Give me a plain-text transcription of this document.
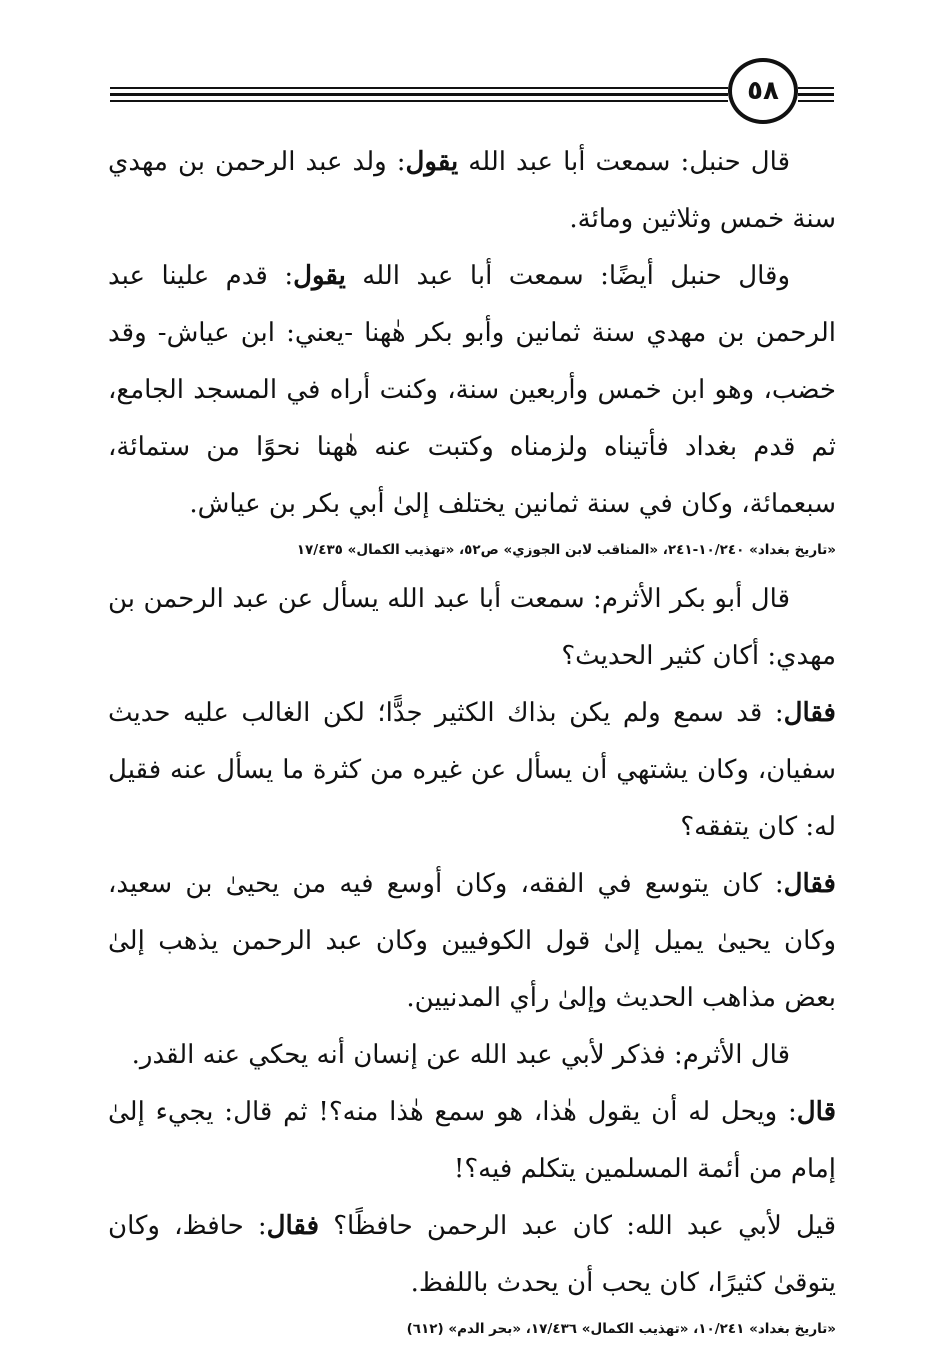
٥٨

قال حنبل: سمعت أبا عبد الله يقول: ولد عبد الرحمن بن مهدي سنة خمس وثلاثين ومائة.

وقال حنبل أيضًا: سمعت أبا عبد الله يقول: قدم علينا عبد الرحمن بن مهدي سنة ثمانين وأبو بكر هٰهنا -يعني: ابن عياش- وقد خضب، وهو ابن خمس وأربعين سنة، وكنت أراه في المسجد الجامع، ثم قدم بغداد فأتيناه ولزمناه وكتبت عنه هٰهنا نحوًا من ستمائة، سبعمائة، وكان في سنة ثمانين يختلف إلىٰ أبي بكر بن عياش.

«تاريخ بغداد» ١٠/٢٤٠-٢٤١، «المناقب لابن الجوزي» ص٥٢، «تهذيب الكمال» ١٧/٤٣٥

قال أبو بكر الأثرم: سمعت أبا عبد الله يسأل عن عبد الرحمن بن مهدي: أكان كثير الحديث؟

فقال: قد سمع ولم يكن بذاك الكثير جدًّا؛ لكن الغالب عليه حديث سفيان، وكان يشتهي أن يسأل عن غيره من كثرة ما يسأل عنه فقيل له: كان يتفقه؟

فقال: كان يتوسع في الفقه، وكان أوسع فيه من يحيىٰ بن سعيد، وكان يحيىٰ يميل إلىٰ قول الكوفيين وكان عبد الرحمن يذهب إلىٰ بعض مذاهب الحديث وإلىٰ رأي المدنيين.

قال الأثرم: فذكر لأبي عبد الله عن إنسان أنه يحكي عنه القدر.

قال: ويحل له أن يقول هٰذا، هو سمع هٰذا منه؟! ثم قال: يجيء إلىٰ إمام من أئمة المسلمين يتكلم فيه؟!

قيل لأبي عبد الله: كان عبد الرحمن حافظًا؟ فقال: حافظ، وكان يتوقىٰ كثيرًا، كان يحب أن يحدث باللفظ.

«تاريخ بغداد» ١٠/٢٤١، «تهذيب الكمال» ١٧/٤٣٦، «بحر الدم» (٦١٢)
